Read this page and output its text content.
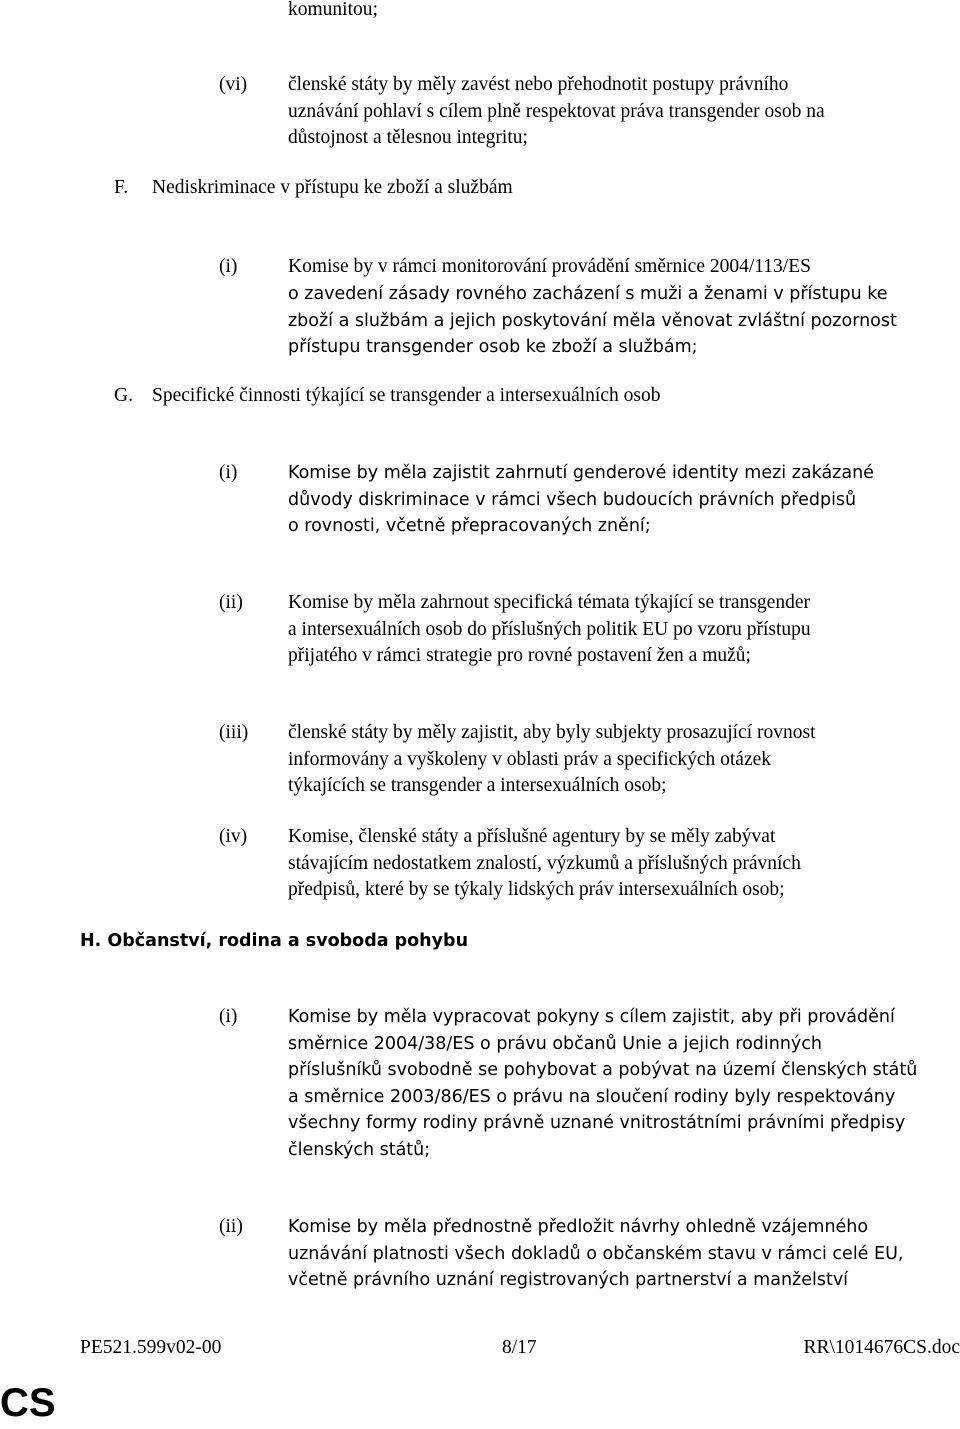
komunitou;
(vi) členské státy by měly zavést nebo přehodnotit postupy právního
uznávání pohlaví s cílem plně respektovat práva transgender osob na
důstojnost a tělesnou integritu;
F. Nediskriminace v přístupu ke zboží a službám
(i)	Komise by v rámci monitorování provádění směrnice 2004/113/ES
o zavedení zásady rovného zacházení s muži a ženami v přístupu ke
zboží a službám a jejich poskytování měla věnovat zvláštní pozornost
přístupu transgender osob ke zboží a službám;
G. Specifické činnosti týkající se transgender a intersexuálních osob
(i)	Komise by měla zajistit zahrnutí genderové identity mezi zakázané
důvody diskriminace v rámci všech budoucích právních předpisů
o rovnosti, včetně přepracovaných znění;
(ii) Komise by měla zahrnout specifická témata týkající se transgender
a intersexuálních osob do příslušných politik EU po vzoru přístupu
přijatého v rámci strategie pro rovné postavení žen a mužů;
(iii) členské státy by měly zajistit, aby byly subjekty prosazující rovnost
informovány a vyškoleny v oblasti práv a specifických otázek
týkajících se transgender a intersexuálních osob;
(iv) Komise, členské státy a příslušné agentury by se měly zabývat
stávajícím nedostatkem znalostí, výzkumů a příslušných právních
předpisů, které by se týkaly lidských práv intersexuálních osob;
H. Občanství, rodina a svoboda pohybu
(i)	Komise by měla vypracovat pokyny s cílem zajistit, aby při provádění
směrnice 2004/38/ES o právu občanů Unie a jejich rodinných
příslušníků svobodně se pohybovat a pobývat na území členských států
a směrnice 2003/86/ES o právu na sloučení rodiny byly respektovány
všechny formy rodiny právně uznané vnitrostátními právními předpisy
členských států;
(ii)	Komise by měla přednostně předložit návrhy ohledně vzájemného
uznávání platnosti všech dokladů o občanském stavu v rámci celé EU,
včetně právního uznání registrovaných partnerství a manželství
PE521.599v02-00	8/17	RR\1014676CS.doc
CS
